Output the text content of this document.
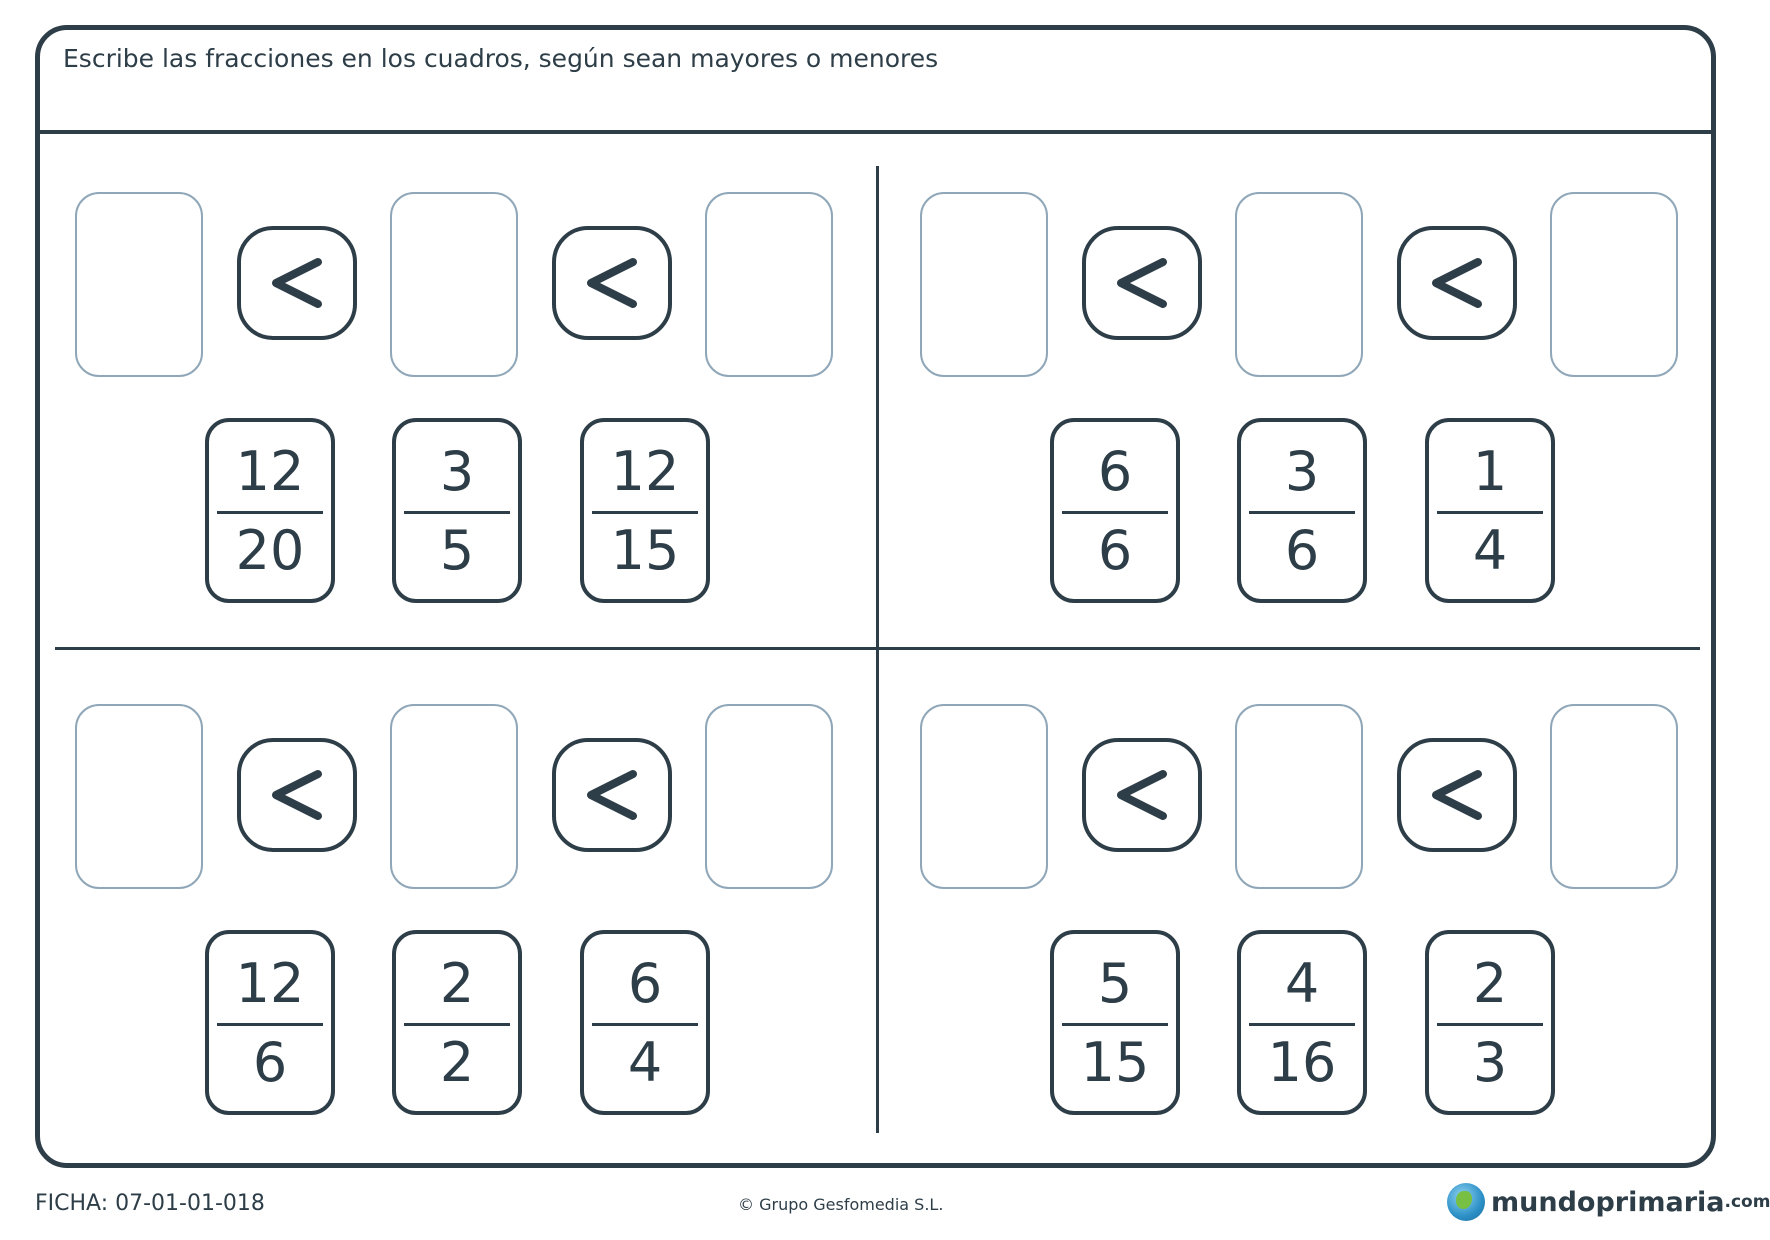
Escribe las fracciones en los cuadros, según sean mayores o menores
12
20
3
5
12
15
6
6
3
6
1
4
12
6
2
2
6
4
5
15
4
16
2
3
FICHA: 07-01-01-018	© Grupo Gesfomedia S.L.	mundoprimaria .com
